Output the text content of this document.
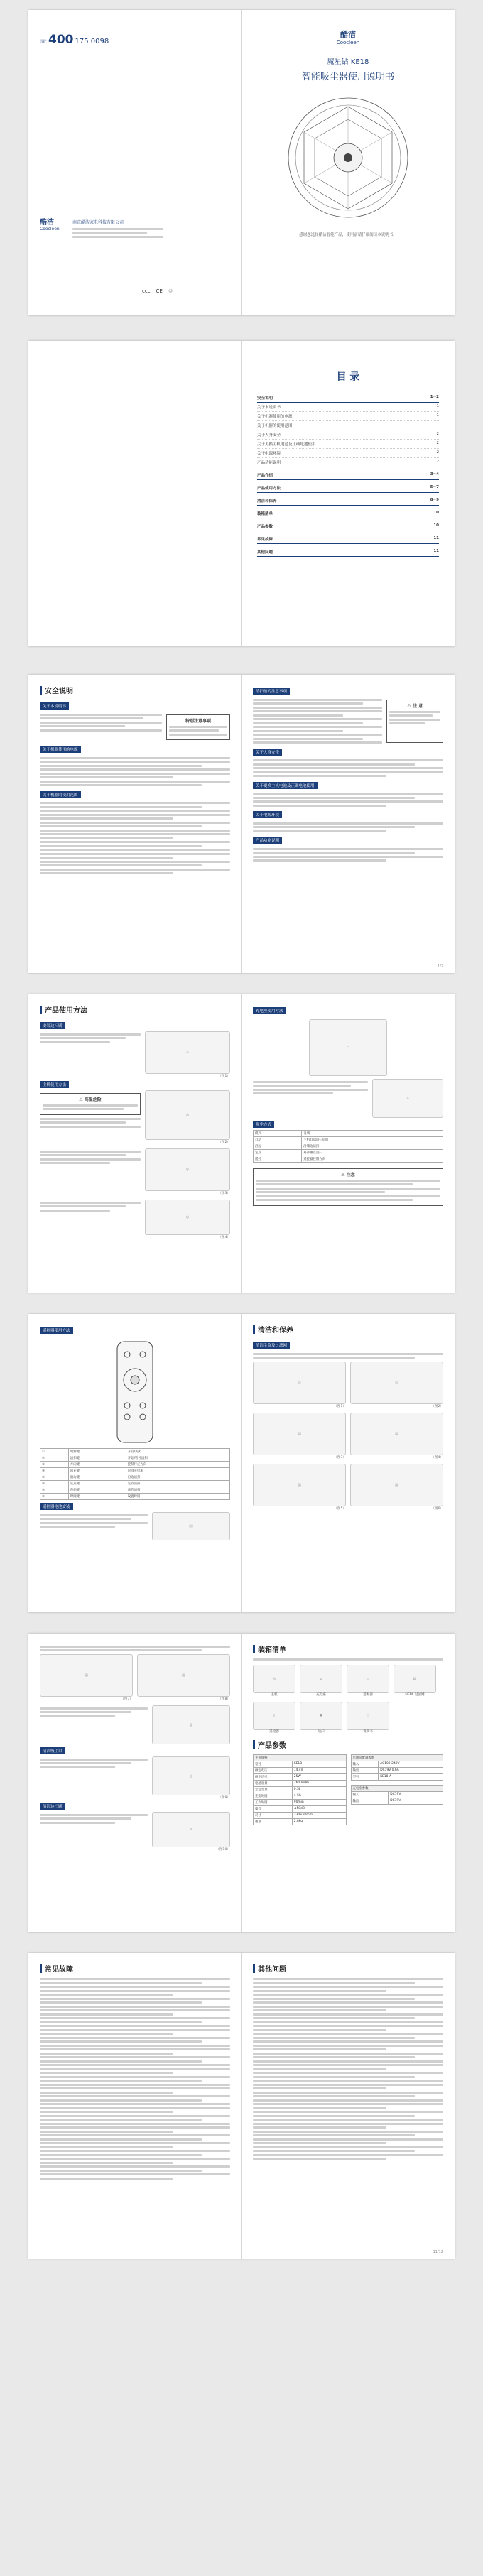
☏ 400 175 0098
酷洁
Coocleen
南京酷洁家电科技有限公司
ccc CE ♲
酷洁
Coocleen
魔星钻 KE18
智能吸尘器使用说明书
感谢您选择酷洁智能产品，使用前请仔细阅读本说明书。
目 录
安全说明	1~2
关于本说明书	1
关于机器使用的电源	1
关于机器的使用范围	1
关于人身安全	2
关于更换主机电池及正确电池使用	2
关于电源环境	2
产品功能说明	2
产品介绍	3~4
产品使用方法	5~7
清洁和保养	8~9
装箱清单	10
产品参数	10
常见故障	11
其他问题	11
安全说明
关于本说明书
特别注意事项
关于机器使用的电源
关于机器的使用范围
清扫前的注意事项
⚠ 注 意
关于人身安全
关于更换主机电池及正确电池使用
关于电源环境
产品功能说明
1/2
产品使用方法
安装边扫刷
⌀
（图1）
主机使用方法
⚠ 高温危险
◎
（图2）
◎
（图3）
◎
（图4）
充电座使用方法
▭
⌂
吸尘方式
模式	说明
自动	主机自动清扫房间
沿边	沿墙边清扫
定点	局部重点清扫
遥控	遥控器控制方向
⚠ 注意
遥控器使用方法
①	电源键	开启/关闭
②	清扫键	开始/暂停清扫
③	方向键	控制行走方向
④	回充键	返回充电座
⑤	沿边键	沿边清扫
⑥	定点键	定点清扫
⑦	预约键	预约清扫
⑧	时间键	设置时间
遥控器电池安装
▯▯
清洁和保养
清洁尘盒及过滤网
◎
（图1）
◎
（图2）
▤
（图3）
▤
（图4）
▤
（图5）
▤
（图6）
▤
（图7）
▤
（图8）
▤
清洁吸尘口
◎
（图9）
清洁边扫刷
⌀
（图10）
装箱清单
◎
主机
⌂
充电座
⏚
适配器
▤
HEPA 过滤网
▯
遥控器
✱
边扫
▭
说明书
产品参数
主机规格	
型号	KE18
额定电压	14.4V
额定功率	25W
电池容量	2600mAh
尘盒容量	0.5L
充电时间	4-5h
工作时间	90min
噪音	≤58dB
尺寸	330×80mm
重量	2.8kg
电源适配器参数	
输入	AC100-240V
输出	DC19V 0.6A
型号	KE18-A
充电座参数	
输入	DC19V
输出	DC19V
常见故障	其他问题
11/12
